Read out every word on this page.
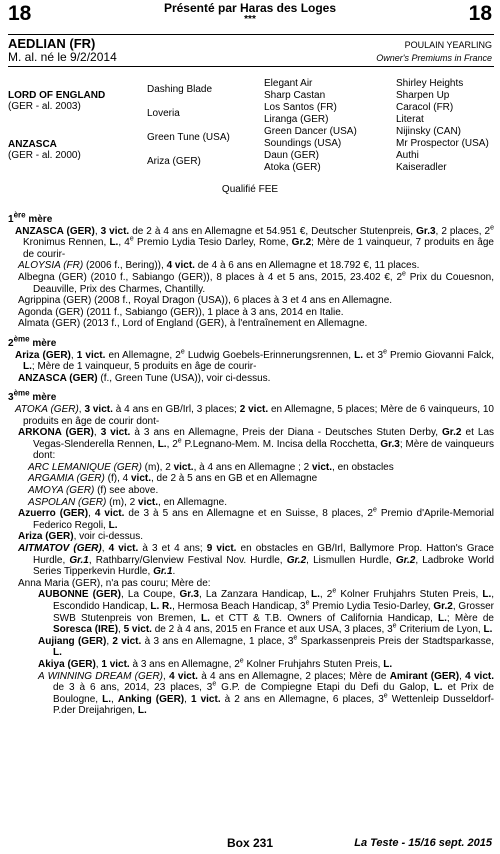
18	18
Présenté par Haras des Loges
***
AEDLIAN (FR)
M. al. né le 9/2/2014
POULAIN YEARLING
Owner's Premiums in France
LORD OF ENGLAND
(GER - al. 2003)
ANZASCA
(GER - al. 2000)
Dashing Blade
Loveria
Green Tune (USA)
Ariza (GER)
Elegant Air
Sharp Castan
Los Santos (FR)
Liranga (GER)
Green Dancer (USA)
Soundings (USA)
Daun (GER)
Atoka (GER)
Shirley Heights
Sharpen Up
Caracol (FR)
Literat
Nijinsky (CAN)
Mr Prospector (USA)
Authi
Kaiseradler
Qualifié FEE

1ère mère

ANZASCA (GER), 3 vict. de 2 à 4 ans en Allemagne et 54.951 €, Deutscher Stutenpreis, Gr.3, 2 places, 2e Kronimus Rennen, L., 4e Premio Lydia Tesio Darley, Rome, Gr.2; Mère de 1 vainqueur, 7 produits en âge de courir-

ALOYSIA (FR) (2006 f., Bering)), 4 vict. de 4 à 6 ans en Allemagne et 18.792 €, 11 places.

Albegna (GER) (2010 f., Sabiango (GER)), 8 places à 4 et 5 ans, 2015, 23.402 €, 2e Prix du Couesnon, Deauville, Prix des Charmes, Chantilly.

Agrippina (GER) (2008 f., Royal Dragon (USA)), 6 places à 3 et 4 ans en Allemagne.

Agonda (GER) (2011 f., Sabiango (GER)), 1 place à 3 ans, 2014 en Italie.

Almata (GER) (2013 f., Lord of England (GER), à l'entraînement en Allemagne.

2ème mère

Ariza (GER), 1 vict. en Allemagne, 2e Ludwig Goebels-Erinnerungsrennen, L. et 3e Premio Giovanni Falck, L.; Mère de 1 vainqueur, 5 produits en âge de courir-

ANZASCA (GER) (f., Green Tune (USA)), voir ci-dessus.

3ème mère

ATOKA (GER), 3 vict. à 4 ans en GB/Irl, 3 places; 2 vict. en Allemagne, 5 places; Mère de 6 vainqueurs, 10 produits en âge de courir dont-

ARKONA (GER), 3 vict. à 3 ans en Allemagne, Preis der Diana - Deutsches Stuten Derby, Gr.2 et Las Vegas-Slenderella Rennen, L., 2e P.Legnano-Mem. M. Incisa della Rocchetta, Gr.3; Mère de vainqueurs dont:

ARC LEMANIQUE (GER) (m), 2 vict., à 4 ans en Allemagne ; 2 vict., en obstacles

ARGAMIA (GER) (f), 4 vict., de 2 à 5 ans en GB et en Allemagne

AMOYA (GER) (f) see above.

ASPOLAN (GER) (m), 2 vict., en Allemagne.

Azuerro (GER), 4 vict. de 3 à 5 ans en Allemagne et en Suisse, 8 places, 2e Premio d'Aprile-Memorial Federico Regoli, L.

Ariza (GER), voir ci-dessus.

AITMATOV (GER), 4 vict. à 3 et 4 ans; 9 vict. en obstacles en GB/Irl, Ballymore Prop. Hatton's Grace Hurdle, Gr.1, Rathbarry/Glenview Festival Nov. Hurdle, Gr.2, Lismullen Hurdle, Gr.2, Ladbroke World Series Tipperkevin Hurdle, Gr.1.

Anna Maria (GER), n'a pas couru; Mère de:

AUBONNE (GER), La Coupe, Gr.3, La Zanzara Handicap, L., 2e Kolner Fruhjahrs Stuten Preis, L., Escondido Handicap, L. R., Hermosa Beach Handicap, 3e Premio Lydia Tesio-Darley, Gr.2, Grosser SWB Stutenpreis von Bremen, L. et CTT & T.B. Owners of California Handicap, L.; Mère de Soresca (IRE), 5 vict. de 2 à 4 ans, 2015 en France et aux USA, 3 places, 3e Criterium de Lyon, L.

Aujiang (GER), 2 vict. à 3 ans en Allemagne, 1 place, 3e Sparkassenpreis Preis der Stadtsparkasse, L.

Akiya (GER), 1 vict. à 3 ans en Allemagne, 2e Kolner Fruhjahrs Stuten Preis, L.

A WINNING DREAM (GER), 4 vict. à 4 ans en Allemagne, 2 places; Mère de Amirant (GER), 4 vict. de 3 à 6 ans, 2014, 23 places, 3e G.P. de Compiegne Etapi du Defi du Galop, L. et Prix de Boulogne, L., Anking (GER), 1 vict. à 2 ans en Allemagne, 6 places, 3e Wettenleip Dusseldorf-P.der Dreijahrigen, L.

Box 231	La Teste - 15/16 sept. 2015
